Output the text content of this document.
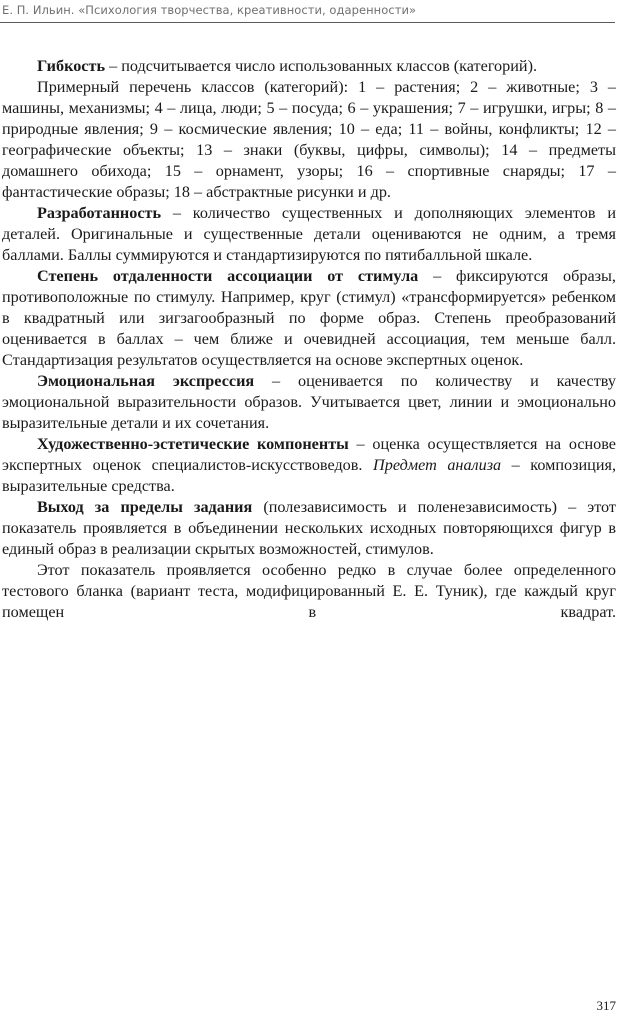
Е. П. Ильин. «Психология творчества, креативности, одаренности»

Гибкость – подсчитывается число использованных классов (категорий).

Примерный перечень классов (категорий): 1 – растения; 2 – животные; 3 – машины, механизмы; 4 – лица, люди; 5 – посуда; 6 – украшения; 7 – игрушки, игры; 8 – природные явления; 9 – космические явления; 10 – еда; 11 – войны, конфликты; 12 – географические объекты; 13 – знаки (буквы, цифры, символы); 14 – предметы домашнего обихода; 15 – орнамент, узоры; 16 – спортивные снаряды; 17 – фантастические образы; 18 – абстрактные рисунки и др.

Разработанность – количество существенных и дополняющих элементов и деталей. Оригинальные и существенные детали оцениваются не одним, а тремя баллами. Баллы суммируются и стандартизируются по пятибалльной шкале.

Степень отдаленности ассоциации от стимула – фиксируются образы, противоположные по стимулу. Например, круг (стимул) «трансформируется» ребенком в квадратный или зигзагообразный по форме образ. Степень преобразований оценивается в баллах – чем ближе и очевидней ассоциация, тем меньше балл. Стандартизация результатов осуществляется на основе экспертных оценок.

Эмоциональная экспрессия – оценивается по количеству и качеству эмоциональной выразительности образов. Учитывается цвет, линии и эмоционально выразительные детали и их сочетания.

Художественно-эстетические компоненты – оценка осуществляется на основе экспертных оценок специалистов-искусствоведов. Предмет анализа – композиция, выразительные средства.

Выход за пределы задания (полезависимость и поленезависимость) – этот показатель проявляется в объединении нескольких исходных повторяющихся фигур в единый образ в реализации скрытых возможностей, стимулов.

Этот показатель проявляется особенно редко в случае более определенного тестового бланка (вариант теста, модифицированный Е. Е. Туник), где каждый круг помещен в квадрат.

317
